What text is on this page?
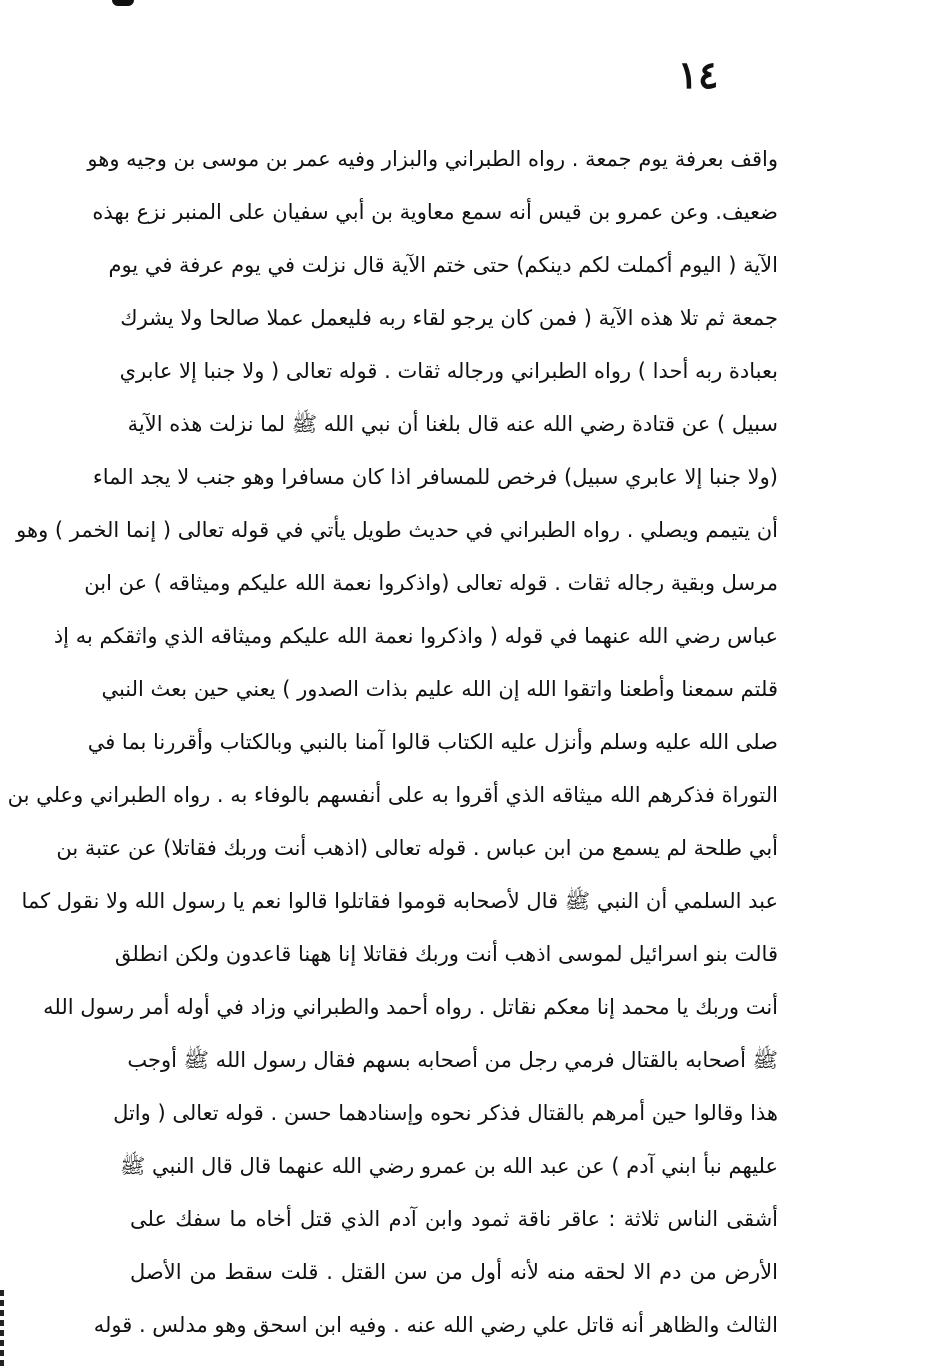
١٤
واقف بعرفة يوم جمعة . رواه الطبراني والبزار وفيه عمر بن موسى بن وجيه وهو
ضعيف. وعن عمرو بن قيس أنه سمع معاوية بن أبي سفيان على المنبر نزع بهذه
الآية ( اليوم أكملت لكم دينكم) حتى ختم الآية قال نزلت في يوم عرفة في يوم
جمعة ثم تلا هذه الآية ( فمن كان يرجو لقاء ربه فليعمل عملا صالحا ولا يشرك
بعبادة ربه أحدا ) رواه الطبراني ورجاله ثقات . قوله تعالى ( ولا جنبا إلا عابري
سبيل ) عن قتادة رضي الله عنه قال بلغنا أن نبي الله ﷺ لما نزلت هذه الآية
(ولا جنبا إلا عابري سبيل) فرخص للمسافر اذا كان مسافرا وهو جنب لا يجد الماء
أن يتيمم ويصلي . رواه الطبراني في حديث طويل يأتي في قوله تعالى ( إنما الخمر ) وهو
مرسل وبقية رجاله ثقات . قوله تعالى (واذكروا نعمة الله عليكم وميثاقه ) عن ابن
عباس رضي الله عنهما في قوله ( واذكروا نعمة الله عليكم وميثاقه الذي واثقكم به إذ
قلتم سمعنا وأطعنا واتقوا الله إن الله عليم بذات الصدور ) يعني حين بعث النبي
صلى الله عليه وسلم وأنزل عليه الكتاب قالوا آمنا بالنبي وبالكتاب وأقررنا بما في
التوراة فذكرهم الله ميثاقه الذي أقروا به على أنفسهم بالوفاء به . رواه الطبراني وعلي بن
أبي طلحة لم يسمع من ابن عباس . قوله تعالى (اذهب أنت وربك فقاتلا) عن عتبة بن
عبد السلمي أن النبي ﷺ قال لأصحابه قوموا فقاتلوا قالوا نعم يا رسول الله ولا نقول كما
قالت بنو اسرائيل لموسى اذهب أنت وربك فقاتلا إنا ههنا قاعدون ولكن انطلق
أنت وربك يا محمد إنا معكم نقاتل . رواه أحمد والطبراني وزاد في أوله أمر رسول الله
ﷺ أصحابه بالقتال فرمي رجل من أصحابه بسهم فقال رسول الله ﷺ أوجب
هذا وقالوا حين أمرهم بالقتال فذكر نحوه وإسنادهما حسن . قوله تعالى ( واتل
عليهم نبأ ابني آدم ) عن عبد الله بن عمرو رضي الله عنهما قال قال النبي ﷺ
أشقى الناس ثلاثة : عاقر ناقة ثمود وابن آدم الذي قتل أخاه ما سفك على
الأرض من دم الا لحقه منه لأنه أول من سن القتل . قلت سقط من الأصل
الثالث والظاهر أنه قاتل علي رضي الله عنه . وفيه ابن اسحق وهو مدلس . قوله
